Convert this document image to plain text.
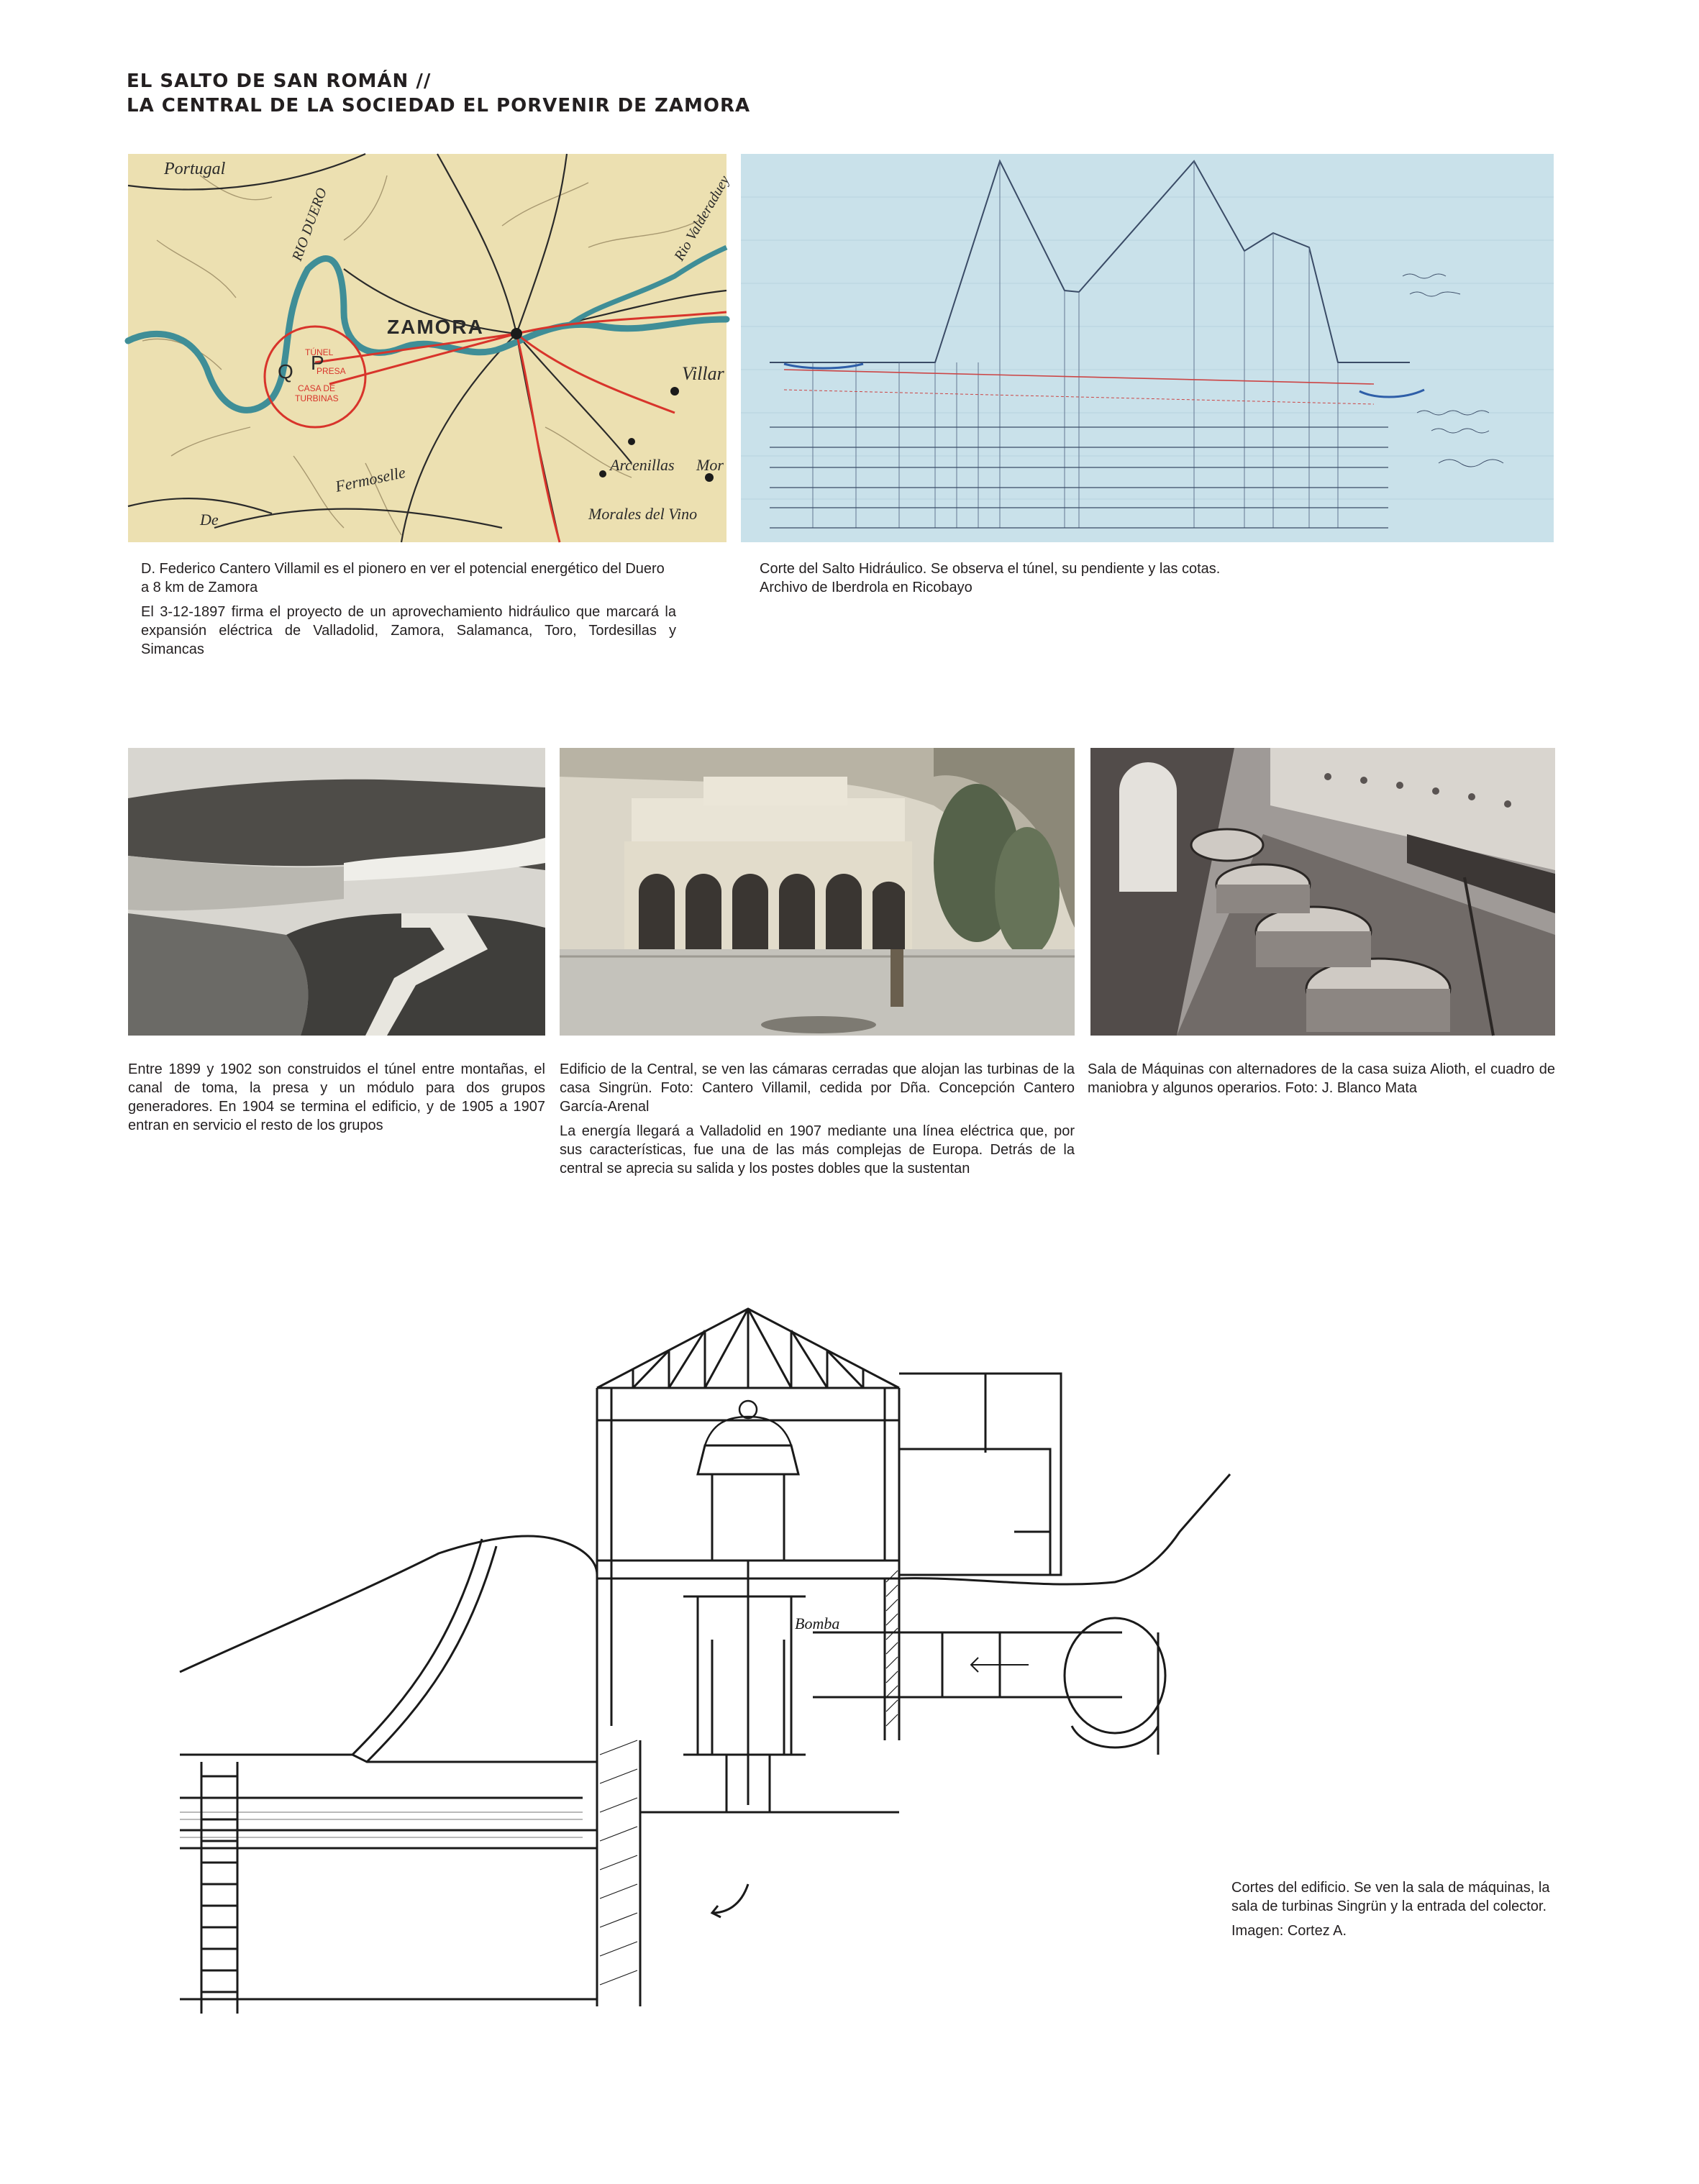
EL SALTO DE SAN ROMÁN //
LA CENTRAL DE LA SOCIEDAD EL PORVENIR DE ZAMORA
Portugal
ZAMORA
RIO DUERO	Rio Valderaduey
Villar
Arcenillas
Morales del Vino
Fermoselle
De
Mor
Q P
TÚNEL
PRESA
CASA DE
TURBINAS

D. Federico Cantero Villamil es el pionero en ver el potencial energético del Duero a 8 km de Zamora

El 3-12-1897 firma el proyecto de un aprovechamiento hidráulico que marcará la expansión eléctrica de Valladolid, Zamora, Salamanca, Toro, Tordesillas y Simancas

Corte del Salto Hidráulico. Se observa el túnel, su pendiente y las cotas.

Archivo de Iberdrola en Ricobayo

Entre 1899 y 1902 son construidos el túnel entre montañas, el canal de toma, la presa y un módulo para dos grupos generadores. En 1904 se termina el edificio, y de 1905 a 1907 entran en servicio el resto de los grupos

Edificio de la Central, se ven las cámaras cerradas que alojan las turbinas de la casa Singrün. Foto: Cantero Villamil, cedida por Dña. Concepción Cantero García-Arenal

La energía llegará a Valladolid en 1907 mediante una línea eléctrica que, por sus características, fue una de las más complejas de Europa. Detrás de la central se aprecia su salida y los postes dobles que la sustentan

Sala de Máquinas con alternadores de la casa suiza Alioth, el cuadro de maniobra y algunos operarios. Foto: J. Blanco Mata

Bomba

Cortes del edificio. Se ven la sala de máquinas, la sala de turbinas Singrün y la entrada del colector.

Imagen: Cortez A.
